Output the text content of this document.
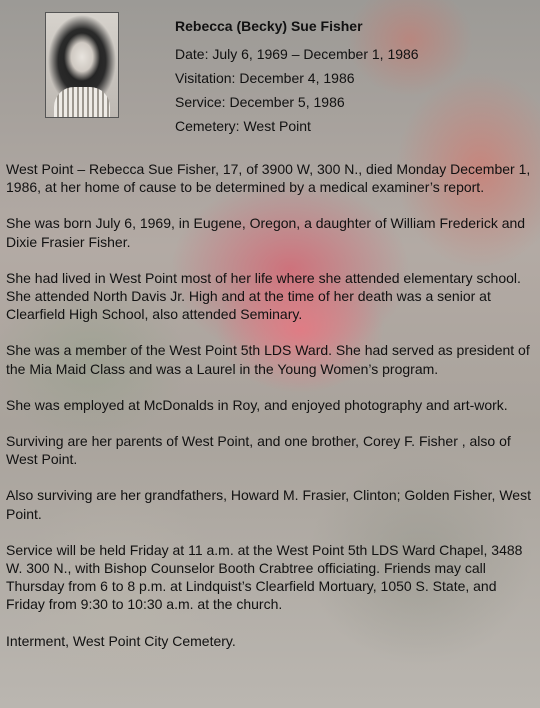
Rebecca (Becky) Sue Fisher
Date: July 6, 1969 – December 1, 1986
Visitation: December 4, 1986
Service: December 5, 1986
Cemetery: West Point

West Point – Rebecca Sue Fisher, 17, of 3900 W, 300 N., died Monday December 1, 1986, at her home of cause to be determined by a medical examiner’s report.

She was born July 6, 1969, in Eugene, Oregon, a daughter of William Frederick and Dixie Frasier Fisher.

She had lived in West Point most of her life where she attended elementary school. She attended North Davis Jr. High and at the time of her death was a senior at Clearfield High School, also attended Seminary.

She was a member of the West Point 5th LDS Ward. She had served as president of the Mia Maid Class and was a Laurel in the Young Women’s program.

She was employed at McDonalds in Roy, and enjoyed photography and art-work.

Surviving are her parents of West Point, and one brother, Corey F. Fisher , also of West Point.

Also surviving are her grandfathers, Howard M. Frasier, Clinton; Golden Fisher, West Point.

Service will be held Friday at 11 a.m. at the West Point 5th LDS Ward Chapel, 3488 W. 300 N., with Bishop Counselor Booth Crabtree officiating. Friends may call Thursday from 6 to 8 p.m. at Lindquist’s Clearfield Mortuary, 1050 S. State, and Friday from 9:30 to 10:30 a.m. at the church.

Interment, West Point City Cemetery.
